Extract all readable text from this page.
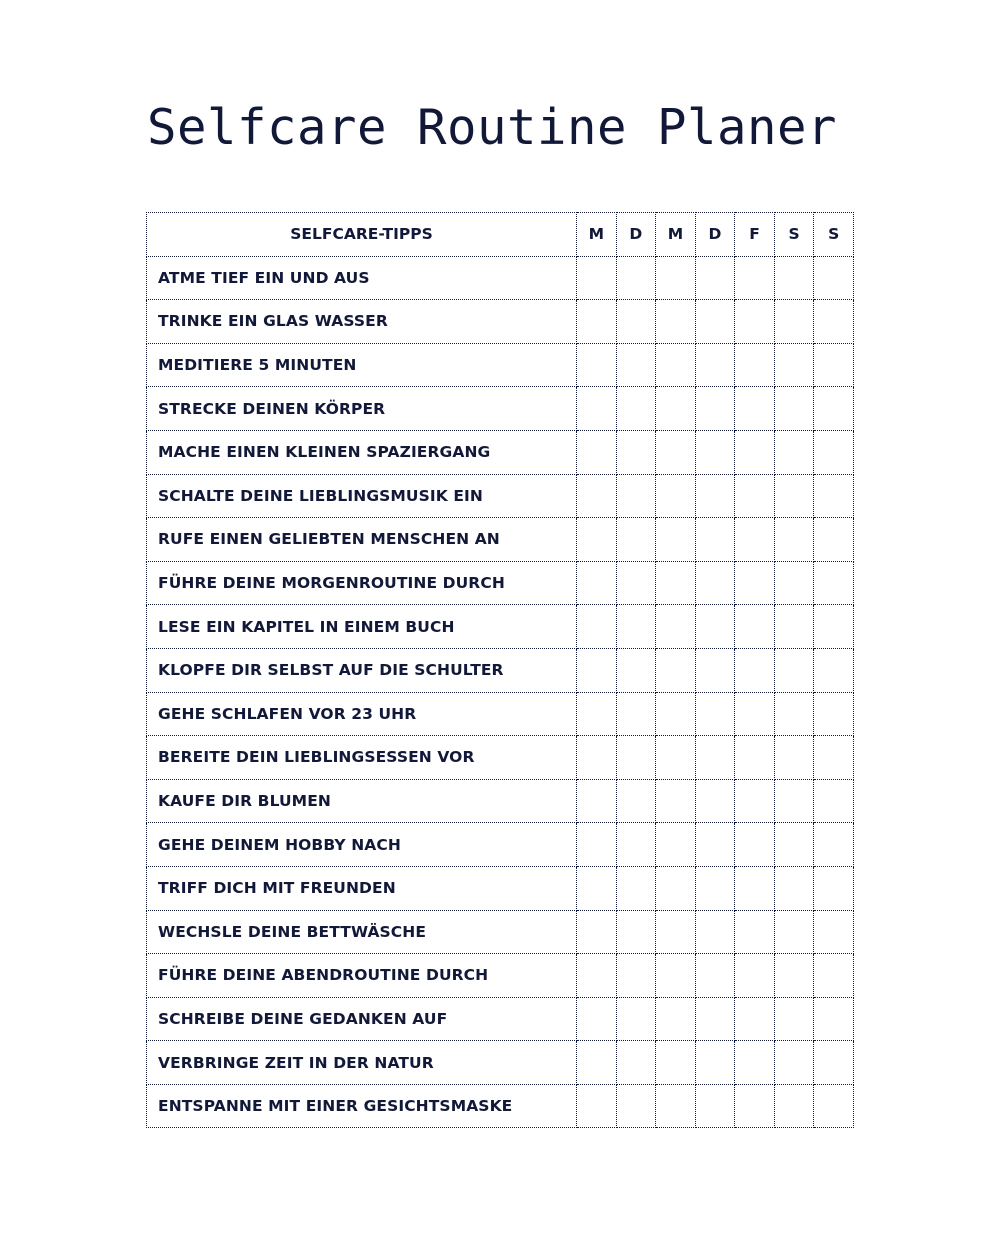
Selfcare Routine Planer
SELFCARE-TIPPS	M	D	M	D	F	S	S
ATME TIEF EIN UND AUS							
TRINKE EIN GLAS WASSER							
MEDITIERE 5 MINUTEN							
STRECKE DEINEN KÖRPER							
MACHE EINEN KLEINEN SPAZIERGANG							
SCHALTE DEINE LIEBLINGSMUSIK EIN							
RUFE EINEN GELIEBTEN MENSCHEN AN							
FÜHRE DEINE MORGENROUTINE DURCH							
LESE EIN KAPITEL IN EINEM BUCH							
KLOPFE DIR SELBST AUF DIE SCHULTER							
GEHE SCHLAFEN VOR 23 UHR							
BEREITE DEIN LIEBLINGSESSEN VOR							
KAUFE DIR BLUMEN							
GEHE DEINEM HOBBY NACH							
TRIFF DICH MIT FREUNDEN							
WECHSLE DEINE BETTWÄSCHE							
FÜHRE DEINE ABENDROUTINE DURCH							
SCHREIBE DEINE GEDANKEN AUF							
VERBRINGE ZEIT IN DER NATUR							
ENTSPANNE MIT EINER GESICHTSMASKE							
